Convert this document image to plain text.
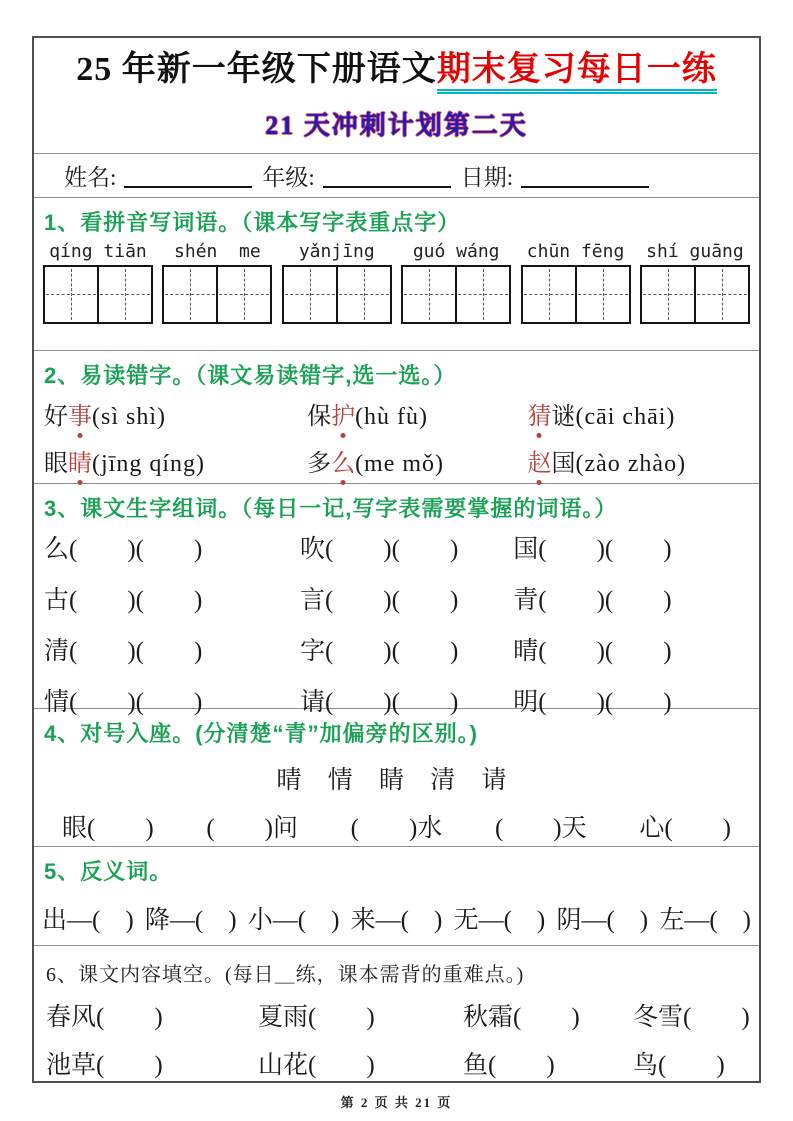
25 年新一年级下册语文期末复习每日一练
21 天冲刺计划第二天
姓名:	年级:	日期:
1、看拼音写词语。（课本写字表重点字）
qíng tiān shén  me yǎnjīng guó wáng chūn fēng shí guāng
2、易读错字。（课文易读错字,选一选。）
好事(sì shì)	保护(hù fù)	猜谜(cāi chāi)
眼睛(jīng qíng)	多么(me mǒ)	赵国(zào zhào)
3、课文生字组词。（每日一记,写字表需要掌握的词语。）
么(　　)(　　)	吹(　　)(　　)	国(　　)(　　)
古(　　)(　　)	言(　　)(　　)	青(　　)(　　)
清(　　)(　　)	字(　　)(　　)	晴(　　)(　　)
情(　　)(　　)	请(　　)(　　)	明(　　)(　　)
4、对号入座。(分清楚“青”加偏旁的区别。)
晴 情 睛 清 请
眼(　　) (　　)问 (　　)水 (　　)天 心(　　)
5、反义词。
出—(　) 降—(　) 小—(　) 来—(　) 无—(　) 阴—(　) 左—(　)
6、课文内容填空。(每日＿练，课本需背的重难点。)
春风(　　)	夏雨(　　)	秋霜(　　)	冬雪(　　)
池草(　　)	山花(　　)	鱼(　　)	鸟(　　)
第 2 页 共 21 页
